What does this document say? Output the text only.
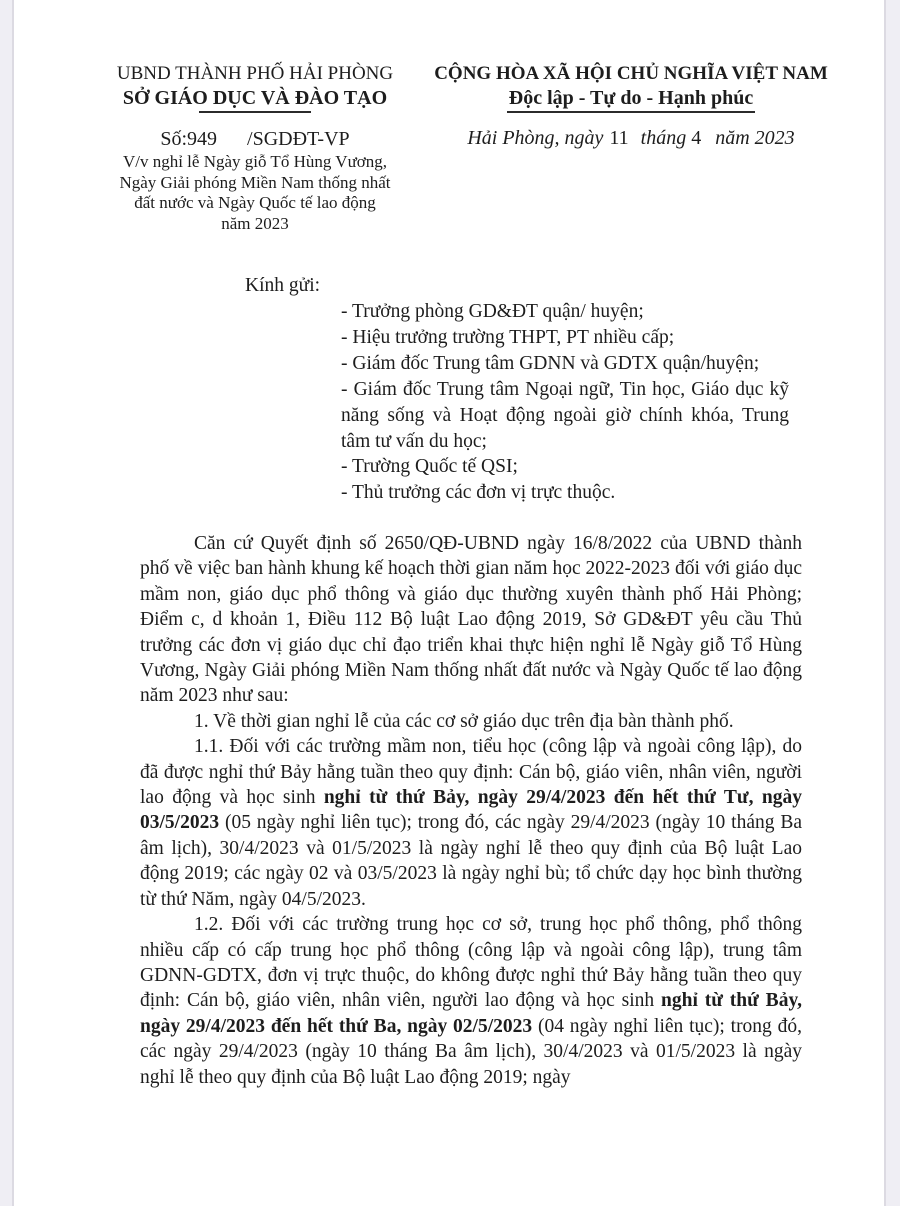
UBND THÀNH PHỐ HẢI PHÒNG
SỞ GIÁO DỤC VÀ ĐÀO TẠO
Số:949 /SGDĐT-VP
V/v nghỉ lễ Ngày giỗ Tổ Hùng Vương,
Ngày Giải phóng Miền Nam thống nhất
đất nước và Ngày Quốc tế lao động
năm 2023
CỘNG HÒA XÃ HỘI CHỦ NGHĨA VIỆT NAM
Độc lập - Tự do - Hạnh phúc
Hải Phòng, ngày 11 tháng 4 năm 2023
Kính gửi:
- Trưởng phòng GD&ĐT quận/ huyện;
- Hiệu trưởng trường THPT, PT nhiều cấp;
- Giám đốc Trung tâm GDNN và GDTX quận/huyện;
- Giám đốc Trung tâm Ngoại ngữ, Tin học, Giáo dục kỹ năng sống và Hoạt động ngoài giờ chính khóa, Trung tâm tư vấn du học;
- Trường Quốc tế QSI;
- Thủ trưởng các đơn vị trực thuộc.

Căn cứ Quyết định số 2650/QĐ-UBND ngày 16/8/2022 của UBND thành phố về việc ban hành khung kế hoạch thời gian năm học 2022-2023 đối với giáo dục mầm non, giáo dục phổ thông và giáo dục thường xuyên thành phố Hải Phòng; Điểm c, d khoản 1, Điều 112 Bộ luật Lao động 2019, Sở GD&ĐT yêu cầu Thủ trưởng các đơn vị giáo dục chỉ đạo triển khai thực hiện nghỉ lễ Ngày giỗ Tổ Hùng Vương, Ngày Giải phóng Miền Nam thống nhất đất nước và Ngày Quốc tế lao động năm 2023 như sau:

1. Về thời gian nghỉ lễ của các cơ sở giáo dục trên địa bàn thành phố.

1.1. Đối với các trường mầm non, tiểu học (công lập và ngoài công lập), do đã được nghỉ thứ Bảy hằng tuần theo quy định: Cán bộ, giáo viên, nhân viên, người lao động và học sinh nghỉ từ thứ Bảy, ngày 29/4/2023 đến hết thứ Tư, ngày 03/5/2023 (05 ngày nghỉ liên tục); trong đó, các ngày 29/4/2023 (ngày 10 tháng Ba âm lịch), 30/4/2023 và 01/5/2023 là ngày nghỉ lễ theo quy định của Bộ luật Lao động 2019; các ngày 02 và 03/5/2023 là ngày nghỉ bù; tổ chức dạy học bình thường từ thứ Năm, ngày 04/5/2023.

1.2. Đối với các trường trung học cơ sở, trung học phổ thông, phổ thông nhiều cấp có cấp trung học phổ thông (công lập và ngoài công lập), trung tâm GDNN-GDTX, đơn vị trực thuộc, do không được nghỉ thứ Bảy hằng tuần theo quy định: Cán bộ, giáo viên, nhân viên, người lao động và học sinh nghỉ từ thứ Bảy, ngày 29/4/2023 đến hết thứ Ba, ngày 02/5/2023 (04 ngày nghỉ liên tục); trong đó, các ngày 29/4/2023 (ngày 10 tháng Ba âm lịch), 30/4/2023 và 01/5/2023 là ngày nghỉ lễ theo quy định của Bộ luật Lao động 2019; ngày
